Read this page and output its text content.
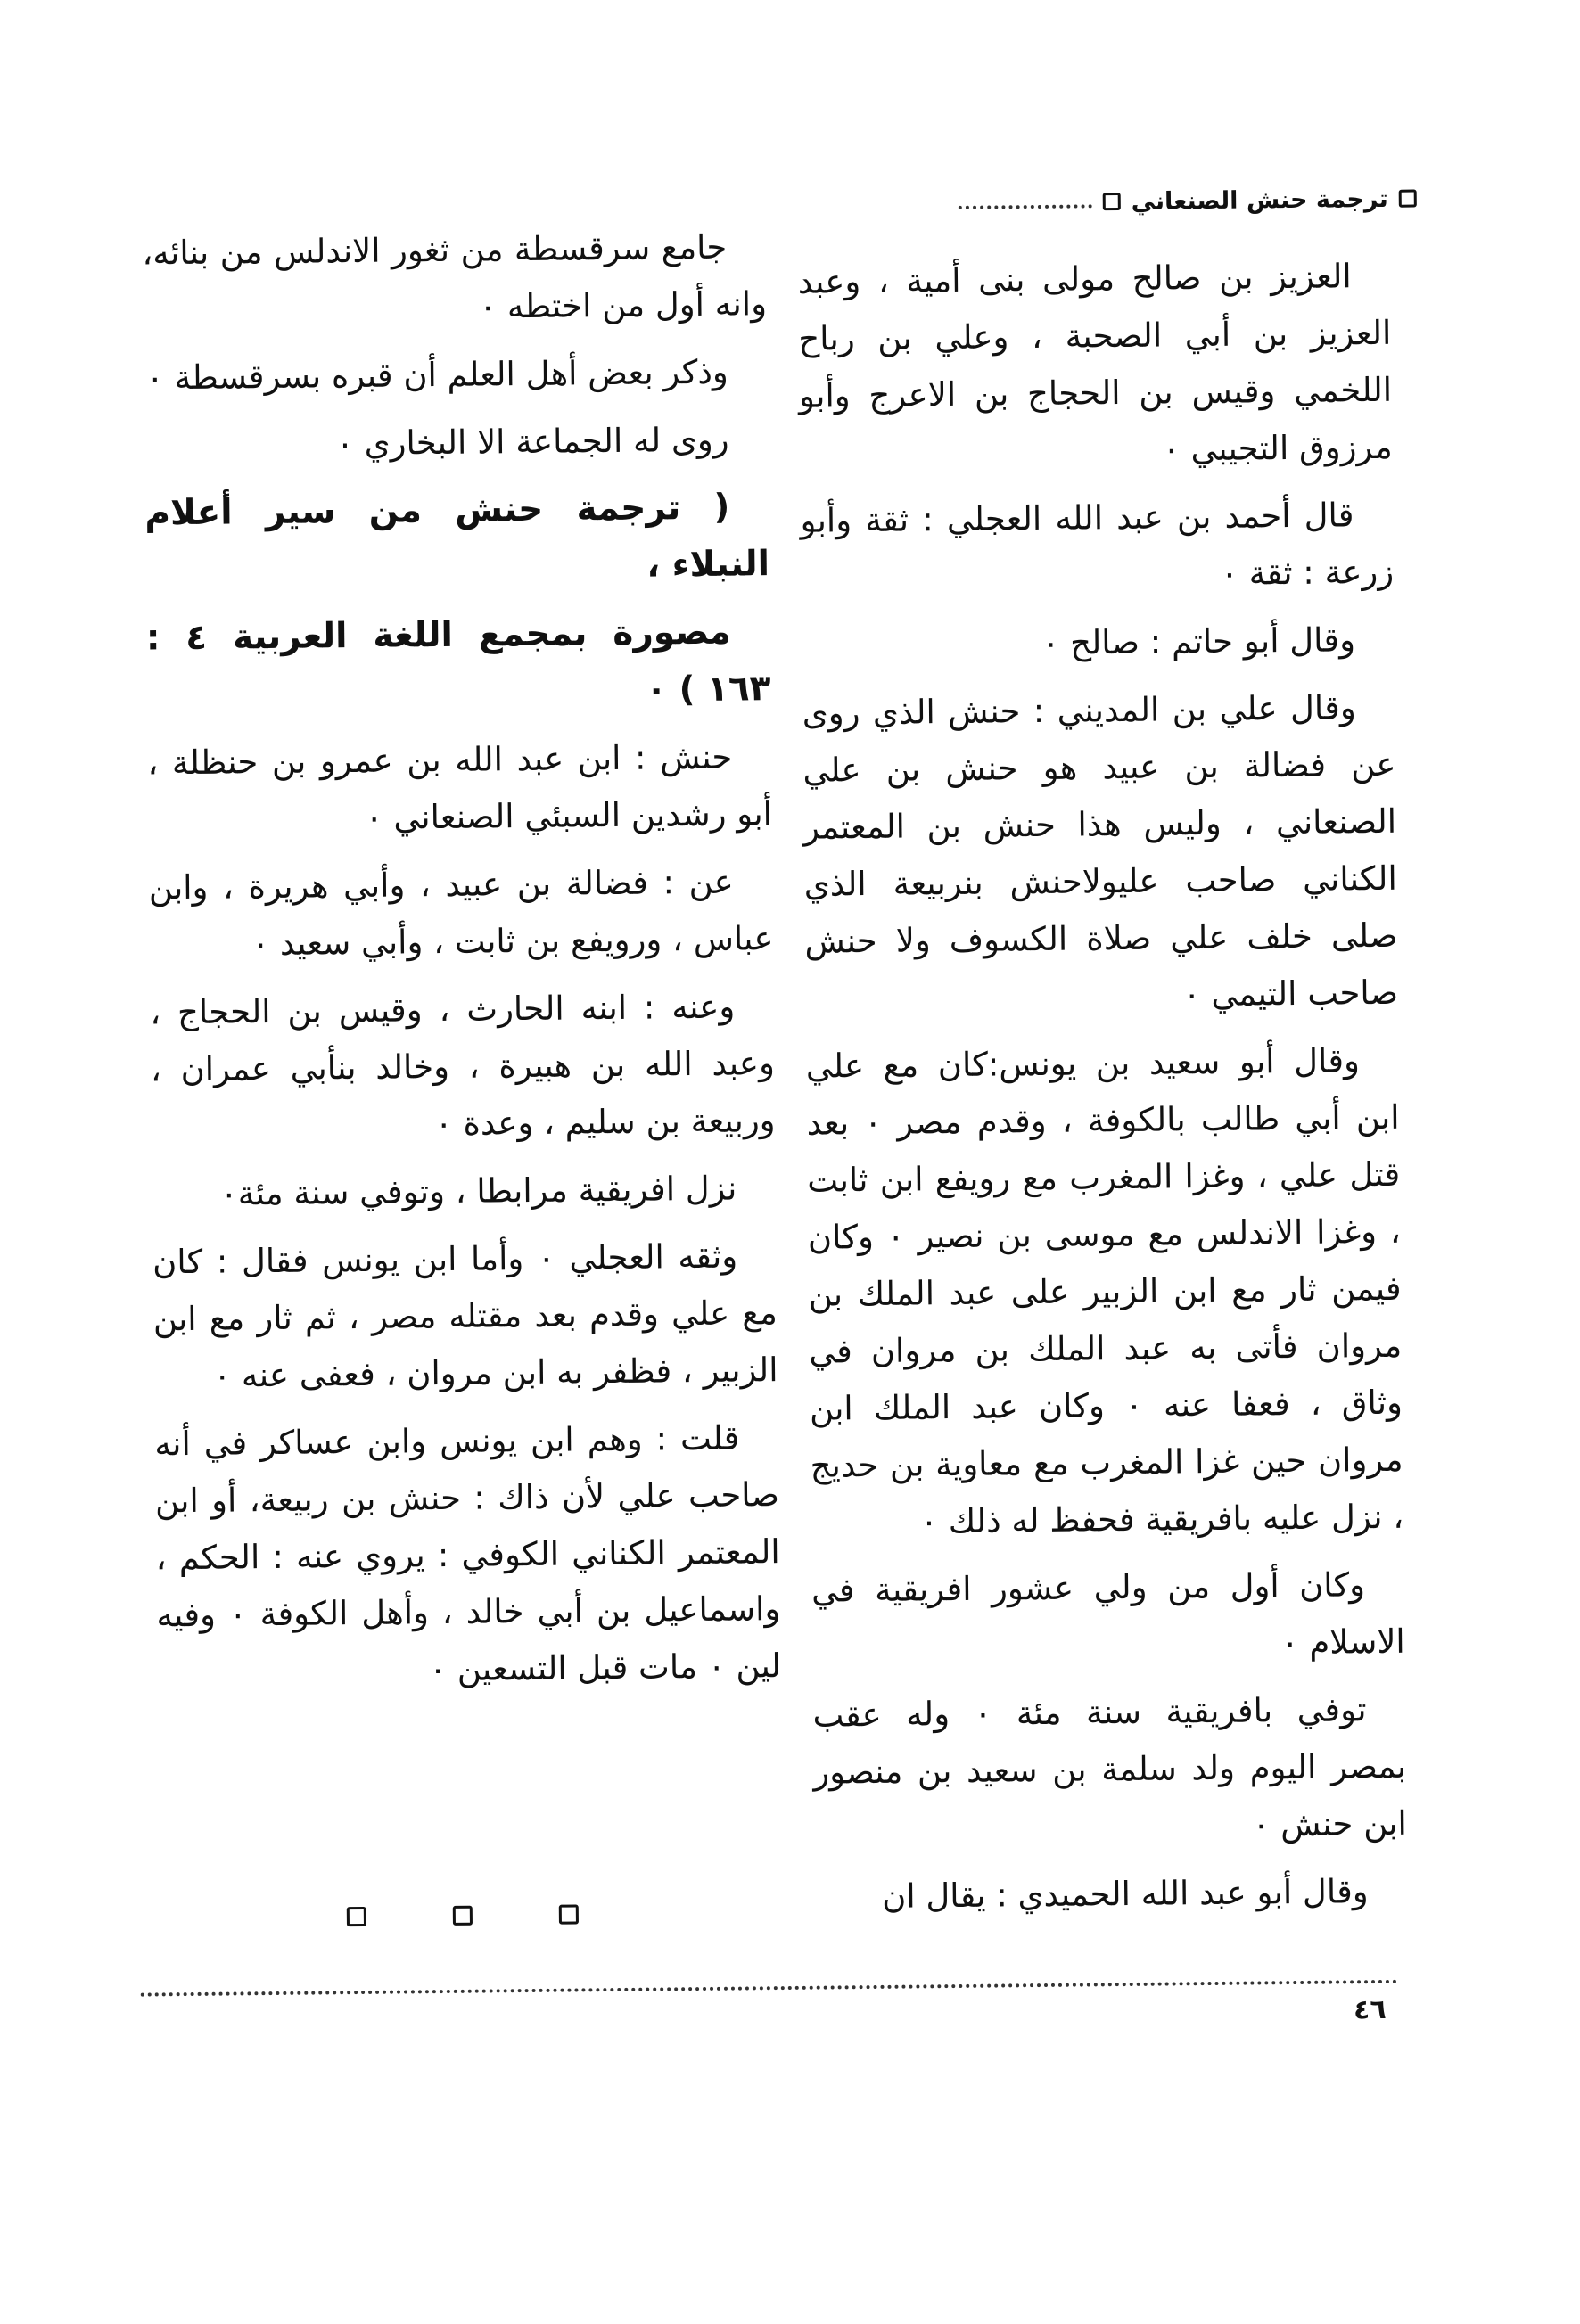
ترجمة حنش الصنعاني

العزيز بن صالح مولى بنى أمية ، وعبد العزيز بن أبي الصحبة ، وعلي بن رباح اللخمي وقيس بن الحجاج بن الاعرج وأبو مرزوق التجيبي ٠

قال أحمد بن عبد الله العجلي : ثقة وأبو زرعة : ثقة ٠

وقال أبو حاتم : صالح ٠

وقال علي بن المديني : حنش الذي روى عن فضالة بن عبيد هو حنش بن علي الصنعاني ، وليس هذا حنش بن المعتمر الكناني صاحب عليولاحنش بنربيعة الذي صلى خلف علي صلاة الكسوف ولا حنش صاحب التيمي ٠

وقال أبو سعيد بن يونس:كان مع علي ابن أبي طالب بالكوفة ، وقدم مصر ٠ بعد قتل علي ، وغزا المغرب مع رويفع ابن ثابت ، وغزا الاندلس مع موسى بن نصير ٠ وكان فيمن ثار مع ابن الزبير على عبد الملك بن مروان فأتى به عبد الملك بن مروان في وثاق ، فعفا عنه ٠ وكان عبد الملك ابن مروان حين غزا المغرب مع معاوية بن حديج ، نزل عليه بافريقية فحفظ له ذلك ٠

وكان أول من ولي عشور افريقية في الاسلام ٠

توفي بافريقية سنة مئة ٠ وله عقب بمصر اليوم ولد سلمة بن سعيد بن منصور ابن حنش ٠

وقال أبو عبد الله الحميدي : يقال ان

جامع سرقسطة من ثغور الاندلس من بنائه، وانه أول من اختطه ٠

وذكر بعض أهل العلم أن قبره بسرقسطة ٠

روى له الجماعة الا البخاري ٠

( ترجمة حنش من سير أعلام النبلاء ،

مصورة بمجمع اللغة العربية ٤ : ١٦٣ ) ٠

حنش : ابن عبد الله بن عمرو بن حنظلة ، أبو رشدين السبئي الصنعاني ٠

عن : فضالة بن عبيد ، وأبي هريرة ، وابن عباس ، ورويفع بن ثابت ، وأبي سعيد ٠

وعنه : ابنه الحارث ، وقيس بن الحجاج ، وعبد الله بن هبيرة ، وخالد بنأبي عمران ، وربيعة بن سليم ، وعدة ٠

نزل افريقية مرابطا ، وتوفي سنة مئة٠

وثقه العجلي ٠ وأما ابن يونس فقال : كان مع علي وقدم بعد مقتله مصر ، ثم ثار مع ابن الزبير ، فظفر به ابن مروان ، فعفى عنه ٠

قلت : وهم ابن يونس وابن عساكر في أنه صاحب علي لأن ذاك : حنش بن ربيعة، أو ابن المعتمر الكناني الكوفي : يروي عنه : الحكم ، واسماعيل بن أبي خالد ، وأهل الكوفة ٠ وفيه لين ٠ مات قبل التسعين ٠

٤٦
